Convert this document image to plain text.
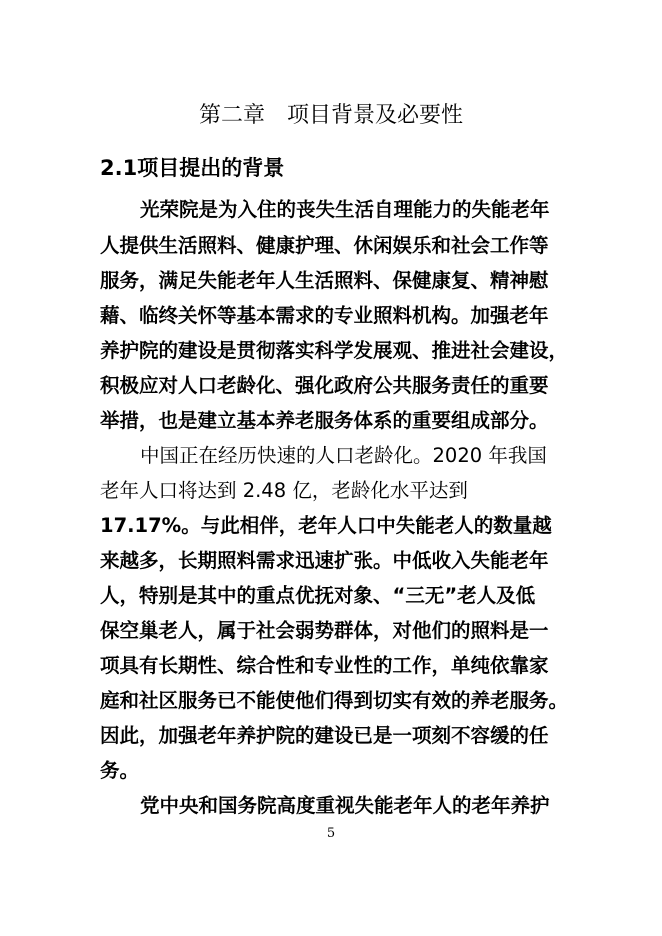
第二章　项目背景及必要性
2.1项目提出的背景
光荣院是为入住的丧失生活自理能力的失能老年
人提供生活照料、健康护理、休闲娱乐和社会工作等
服务，满足失能老年人生活照料、保健康复、精神慰
藉、临终关怀等基本需求的专业照料机构。加强老年
养护院的建设是贯彻落实科学发展观、推进社会建设，
积极应对人口老龄化、强化政府公共服务责任的重要
举措，也是建立基本养老服务体系的重要组成部分。
中国正在经历快速的人口老龄化。2020 年我国
老年人口将达到 2.48 亿，老龄化水平达到
17.17%。与此相伴，老年人口中失能老人的数量越
来越多，长期照料需求迅速扩张。中低收入失能老年
人，特别是其中的重点优抚对象、“三无”老人及低
保空巢老人，属于社会弱势群体，对他们的照料是一
项具有长期性、综合性和专业性的工作，单纯依靠家
庭和社区服务已不能使他们得到切实有效的养老服务。
因此，加强老年养护院的建设已是一项刻不容缓的任
务。
党中央和国务院高度重视失能老年人的老年养护
5
